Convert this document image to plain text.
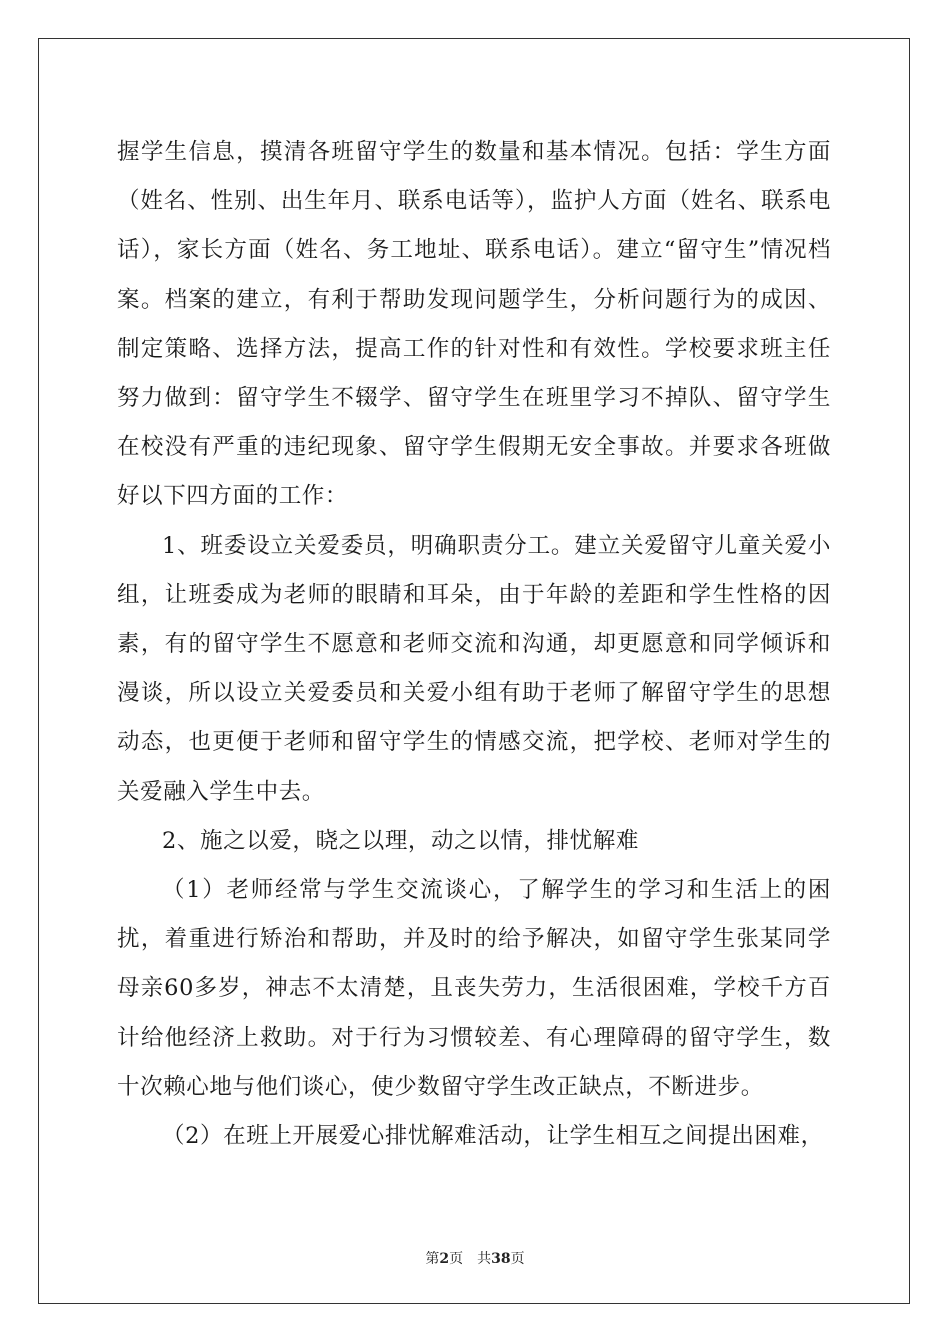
握学生信息，摸清各班留守学生的数量和基本情况。包括：学生方面（姓名、性别、出生年月、联系电话等），监护人方面（姓名、联系电话），家长方面（姓名、务工地址、联系电话）。建立“留守生”情况档案。档案的建立，有利于帮助发现问题学生，分析问题行为的成因、制定策略、选择方法，提高工作的针对性和有效性。学校要求班主任努力做到：留守学生不辍学、留守学生在班里学习不掉队、留守学生在校没有严重的违纪现象、留守学生假期无安全事故。并要求各班做好以下四方面的工作：

1、班委设立关爱委员，明确职责分工。建立关爱留守儿童关爱小组，让班委成为老师的眼睛和耳朵，由于年龄的差距和学生性格的因素，有的留守学生不愿意和老师交流和沟通，却更愿意和同学倾诉和漫谈，所以设立关爱委员和关爱小组有助于老师了解留守学生的思想动态，也更便于老师和留守学生的情感交流，把学校、老师对学生的关爱融入学生中去。

2、施之以爱，晓之以理，动之以情，排忧解难

（1）老师经常与学生交流谈心，了解学生的学习和生活上的困扰，着重进行矫治和帮助，并及时的给予解决，如留守学生张某同学母亲60多岁，神志不太清楚，且丧失劳力，生活很困难，学校千方百计给他经济上救助。对于行为习惯较差、有心理障碍的留守学生，数十次赖心地与他们谈心，使少数留守学生改正缺点，不断进步。

（2）在班上开展爱心排忧解难活动，让学生相互之间提出困难，

第2页 共38页
